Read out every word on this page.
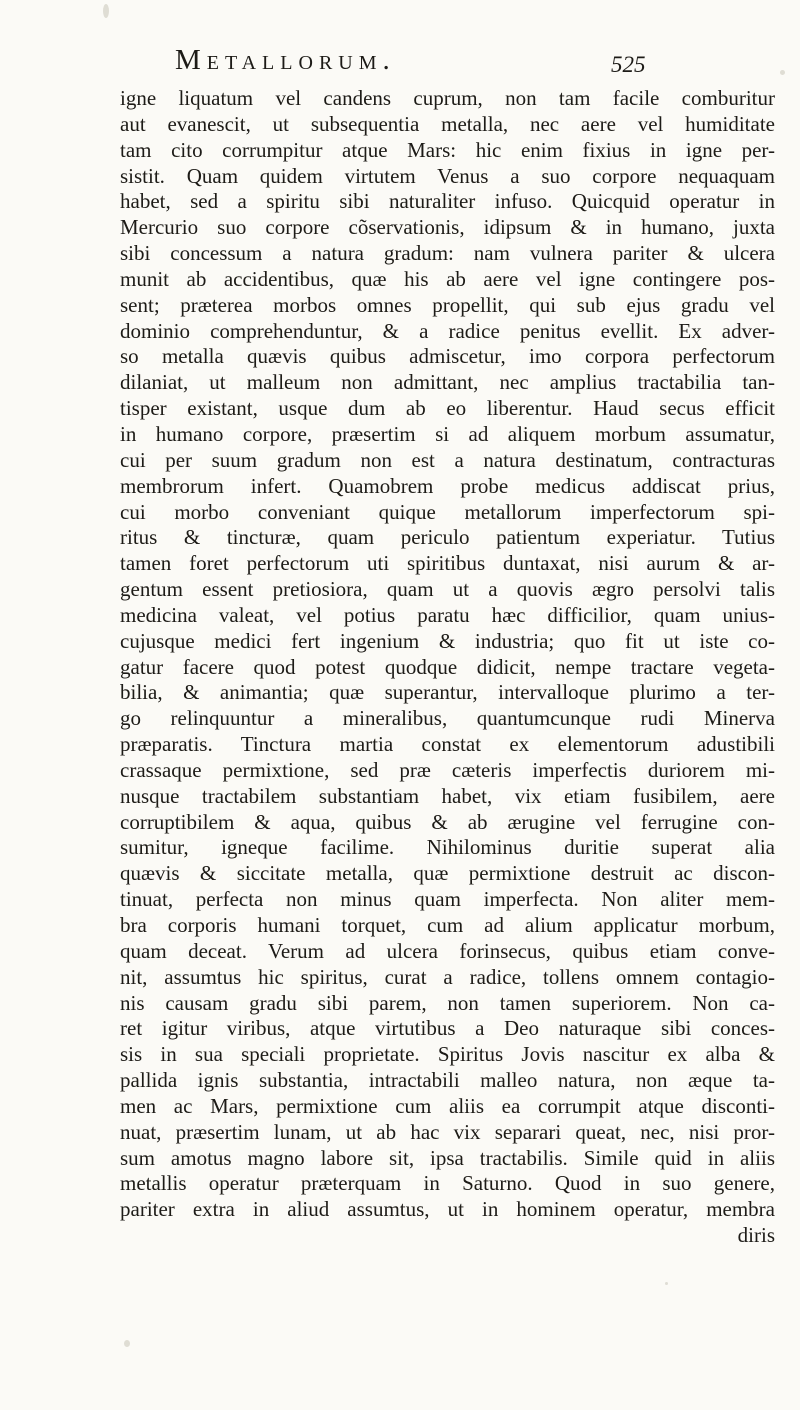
Metallorum.	525
igne liquatum vel candens cuprum, non tam facile comburitur
aut evanescit, ut subsequentia metalla, nec aere vel humiditate
tam cito corrumpitur atque Mars: hic enim fixius in igne per-
sistit. Quam quidem virtutem Venus a suo corpore nequaquam
habet, sed a spiritu sibi naturaliter infuso. Quicquid operatur in
Mercurio suo corpore cõservationis, idipsum & in humano, juxta
sibi concessum a natura gradum: nam vulnera pariter & ulcera
munit ab accidentibus, quæ his ab aere vel igne contingere pos-
sent; præterea morbos omnes propellit, qui sub ejus gradu vel
dominio comprehenduntur, & a radice penitus evellit. Ex adver-
so metalla quævis quibus admiscetur, imo corpora perfectorum
dilaniat, ut malleum non admittant, nec amplius tractabilia tan-
tisper existant, usque dum ab eo liberentur. Haud secus efficit
in humano corpore, præsertim si ad aliquem morbum assumatur,
cui per suum gradum non est a natura destinatum, contracturas
membrorum infert. Quamobrem probe medicus addiscat prius,
cui morbo conveniant quique metallorum imperfectorum spi-
ritus & tincturæ, quam periculo patientum experiatur. Tutius
tamen foret perfectorum uti spiritibus duntaxat, nisi aurum & ar-
gentum essent pretiosiora, quam ut a quovis ægro persolvi talis
medicina valeat, vel potius paratu hæc difficilior, quam unius-
cujusque medici fert ingenium & industria; quo fit ut iste co-
gatur facere quod potest quodque didicit, nempe tractare vegeta-
bilia, & animantia; quæ superantur, intervalloque plurimo a ter-
go relinquuntur a mineralibus, quantumcunque rudi Minerva
præparatis. Tinctura martia constat ex elementorum adustibili
crassaque permixtione, sed præ cæteris imperfectis duriorem mi-
nusque tractabilem substantiam habet, vix etiam fusibilem, aere
corruptibilem & aqua, quibus & ab ærugine vel ferrugine con-
sumitur, igneque facilime. Nihilominus duritie superat alia
quævis & siccitate metalla, quæ permixtione destruit ac discon-
tinuat, perfecta non minus quam imperfecta. Non aliter mem-
bra corporis humani torquet, cum ad alium applicatur morbum,
quam deceat. Verum ad ulcera forinsecus, quibus etiam conve-
nit, assumtus hic spiritus, curat a radice, tollens omnem contagio-
nis causam gradu sibi parem, non tamen superiorem. Non ca-
ret igitur viribus, atque virtutibus a Deo naturaque sibi conces-
sis in sua speciali proprietate. Spiritus Jovis nascitur ex alba &
pallida ignis substantia, intractabili malleo natura, non æque ta-
men ac Mars, permixtione cum aliis ea corrumpit atque disconti-
nuat, præsertim lunam, ut ab hac vix separari queat, nec, nisi pror-
sum amotus magno labore sit, ipsa tractabilis. Simile quid in aliis
metallis operatur præterquam in Saturno. Quod in suo genere,
pariter extra in aliud assumtus, ut in hominem operatur, membra
diris
